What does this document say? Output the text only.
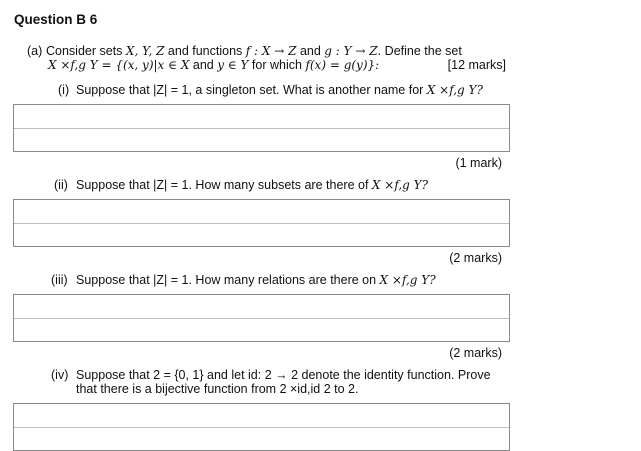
Question B 6
(a) Consider sets X, Y, Z and functions f : X → Z and g : Y → Z. Define the set
X ×f,g Y = {(x, y)|x ∈ X and y ∈ Y for which f(x) = g(y)}:	[12 marks]
(i) Suppose that |Z| = 1, a singleton set. What is another name for X ×f,g Y?
(1 mark)
(ii) Suppose that |Z| = 1. How many subsets are there of X ×f,g Y?
(2 marks)
(iii) Suppose that |Z| = 1. How many relations are there on X ×f,g Y?
(2 marks)
(iv) Suppose that 2 = {0, 1} and let id: 2 → 2 denote the identity function. Prove
that there is a bijective function from 2 ×id,id 2 to 2.
